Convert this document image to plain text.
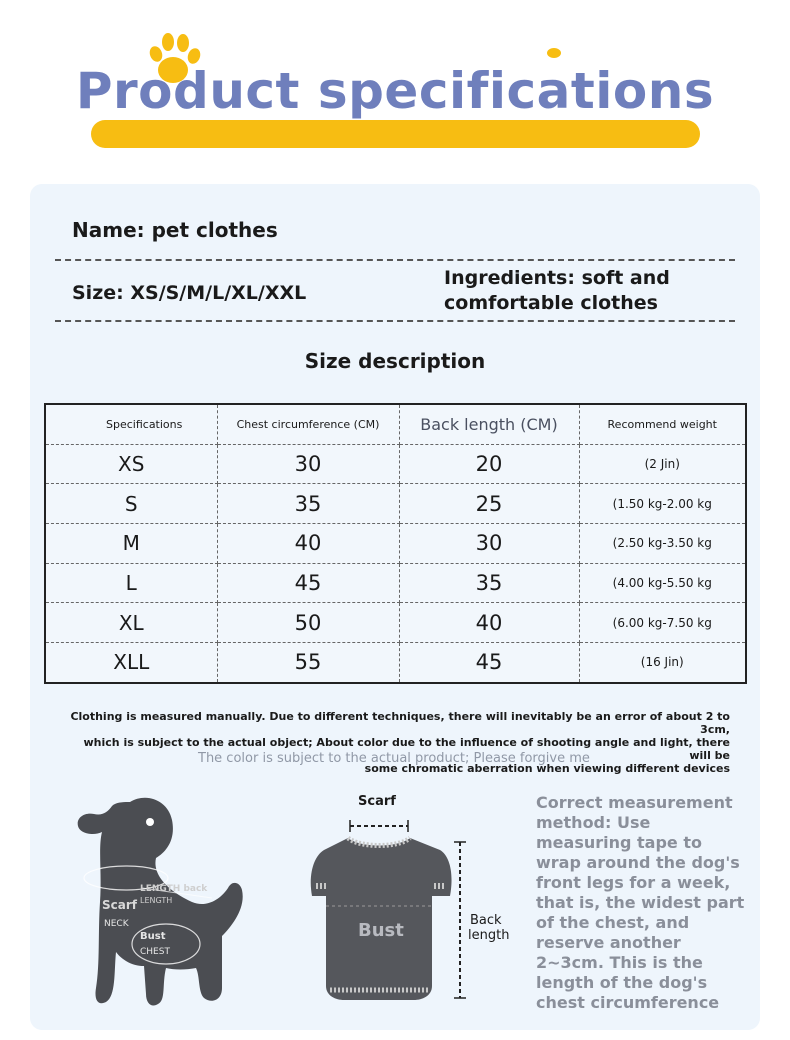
Product specifications
Name: pet clothes
Size: XS/S/M/L/XL/XXL
Ingredients: soft and comfortable clothes
Size description
Specifications	Chest circumference (CM)	Back length (CM)	Recommend weight
XS	30	20	(2 Jin)
S	35	25	(1.50 kg-2.00 kg
M	40	30	(2.50 kg-3.50 kg
L	45	35	(4.00 kg-5.50 kg
XL	50	40	(6.00 kg-7.50 kg
XLL	55	45	(16 Jin)
Clothing is measured manually. Due to different techniques, there will inevitably be an error of about 2 to 3cm,
which is subject to the actual object; About color due to the influence of shooting angle and light, there will be
some chromatic aberration when viewing different devices
The color is subject to the actual product; Please forgive me
Scarf
NECK
LENGTH back
LENGTH
Bust
CHEST
Scarf
Bust	Back
length
Correct measurement method: Use measuring tape to wrap around the dog's front legs for a week, that is, the widest part of the chest, and reserve another 2~3cm. This is the length of the dog's chest circumference
